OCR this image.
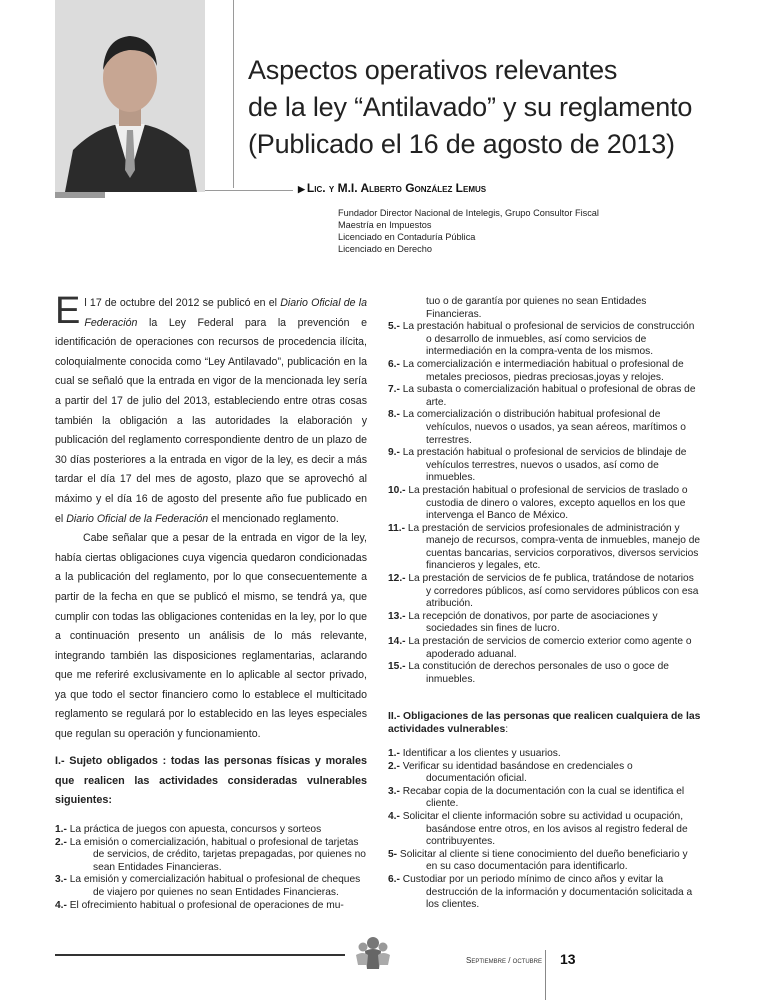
Aspectos operativos relevantes
de la ley “Antilavado” y su reglamento
(Publicado el 16 de agosto de 2013)
▶ Lic. y M.I. Alberto González Lemus
Fundador Director Nacional de Intelegis, Grupo Consultor Fiscal
Maestría en Impuestos
Licenciado en Contaduría Pública
Licenciado en Derecho

El 17 de octubre del 2012 se publicó en el Diario Oficial de la Federación la Ley Federal para la prevención e identificación de operaciones con recursos de procedencia ilícita, coloquialmente conocida como “Ley Antilavado”, publicación en la cual se señaló que la entrada en vigor de la mencionada ley sería a partir del 17 de julio del 2013, estableciendo entre otras cosas también la obligación a las autoridades la elaboración y publicación del reglamento correspondiente dentro de un plazo de 30 días posteriores a la entrada en vigor de la ley, es decir a más tardar el día 17 del mes de agosto, plazo que se aprovechó al máximo y el día 16 de agosto del presente año fue publicado en el Diario Oficial de la Federación el mencionado reglamento.

Cabe señalar que a pesar de la entrada en vigor de la ley, había ciertas obligaciones cuya vigencia quedaron condicionadas a la publicación del reglamento, por lo que consecuentemente a partir de la fecha en que se publicó el mismo, se tendrá ya, que cumplir con todas las obligaciones contenidas en la ley, por lo que a continuación presento un análisis de lo más relevante, integrando también las disposiciones reglamentarias, aclarando que me referiré exclusivamente en lo aplicable al sector privado, ya que todo el sector financiero como lo establece el multicitado reglamento se regulará por lo establecido en las leyes especiales que regulan su operación y funcionamiento.

I.- Sujeto obligados : todas las personas físicas y morales que realicen las actividades consideradas vulnerables siguientes:

1.- La práctica de juegos con apuesta, concursos y sorteos

2.- La emisión o comercialización, habitual o profesional de tarjetas de servicios, de crédito, tarjetas prepagadas, por quienes no sean Entidades Financieras.

3.- La emisión y comercialización habitual o profesional de cheques de viajero por quienes no sean Entidades Financieras.

4.- El ofrecimiento habitual o profesional de operaciones de mu-

tuo o de garantía por quienes no sean Entidades Financieras.

5.- La prestación habitual o profesional de servicios de construcción o desarrollo de inmuebles, así como servicios de intermediación en la compra-venta de los mismos.

6.- La comercialización e intermediación habitual o profesional de metales preciosos, piedras preciosas,joyas y relojes.

7.- La subasta o comercialización habitual o profesional de obras de arte.

8.- La comercialización o distribución habitual profesional de vehículos, nuevos o usados, ya sean aéreos, marítimos o terrestres.

9.- La prestación habitual o profesional de servicios de blindaje de vehículos terrestres, nuevos o usados, así como de inmuebles.

10.- La prestación habitual o profesional de servicios de traslado o custodia de dinero o valores, excepto aquellos en los que intervenga el Banco de México.

11.- La prestación de servicios profesionales de administración y manejo de recursos, compra-venta de inmuebles, manejo de cuentas bancarias, servicios corporativos, diversos servicios financieros y legales, etc.

12.- La prestación de servicios de fe publica, tratándose de notarios y corredores públicos, así como servidores públicos con esa atribución.

13.- La recepción de donativos, por parte de asociaciones y sociedades sin fines de lucro.

14.- La prestación de servicios de comercio exterior como agente o apoderado aduanal.

15.- La constitución de derechos personales de uso o goce de inmuebles.

II.- Obligaciones de las personas que realicen cualquiera de las actividades vulnerables:

1.- Identificar a los clientes y usuarios.

2.- Verificar su identidad basándose en credenciales o documentación oficial.

3.- Recabar copia de la documentación con la cual se identifica el cliente.

4.- Solicitar el cliente información sobre su actividad u ocupación, basándose entre otros, en los avisos al registro federal de contribuyentes.

5- Solicitar al cliente si tiene conocimiento del dueño beneficiario y en su caso documentación para identificarlo.

6.- Custodiar por un periodo mínimo de cinco años y evitar la destrucción de la información y documentación solicitada a los clientes.

Septiembre / octubre 13
